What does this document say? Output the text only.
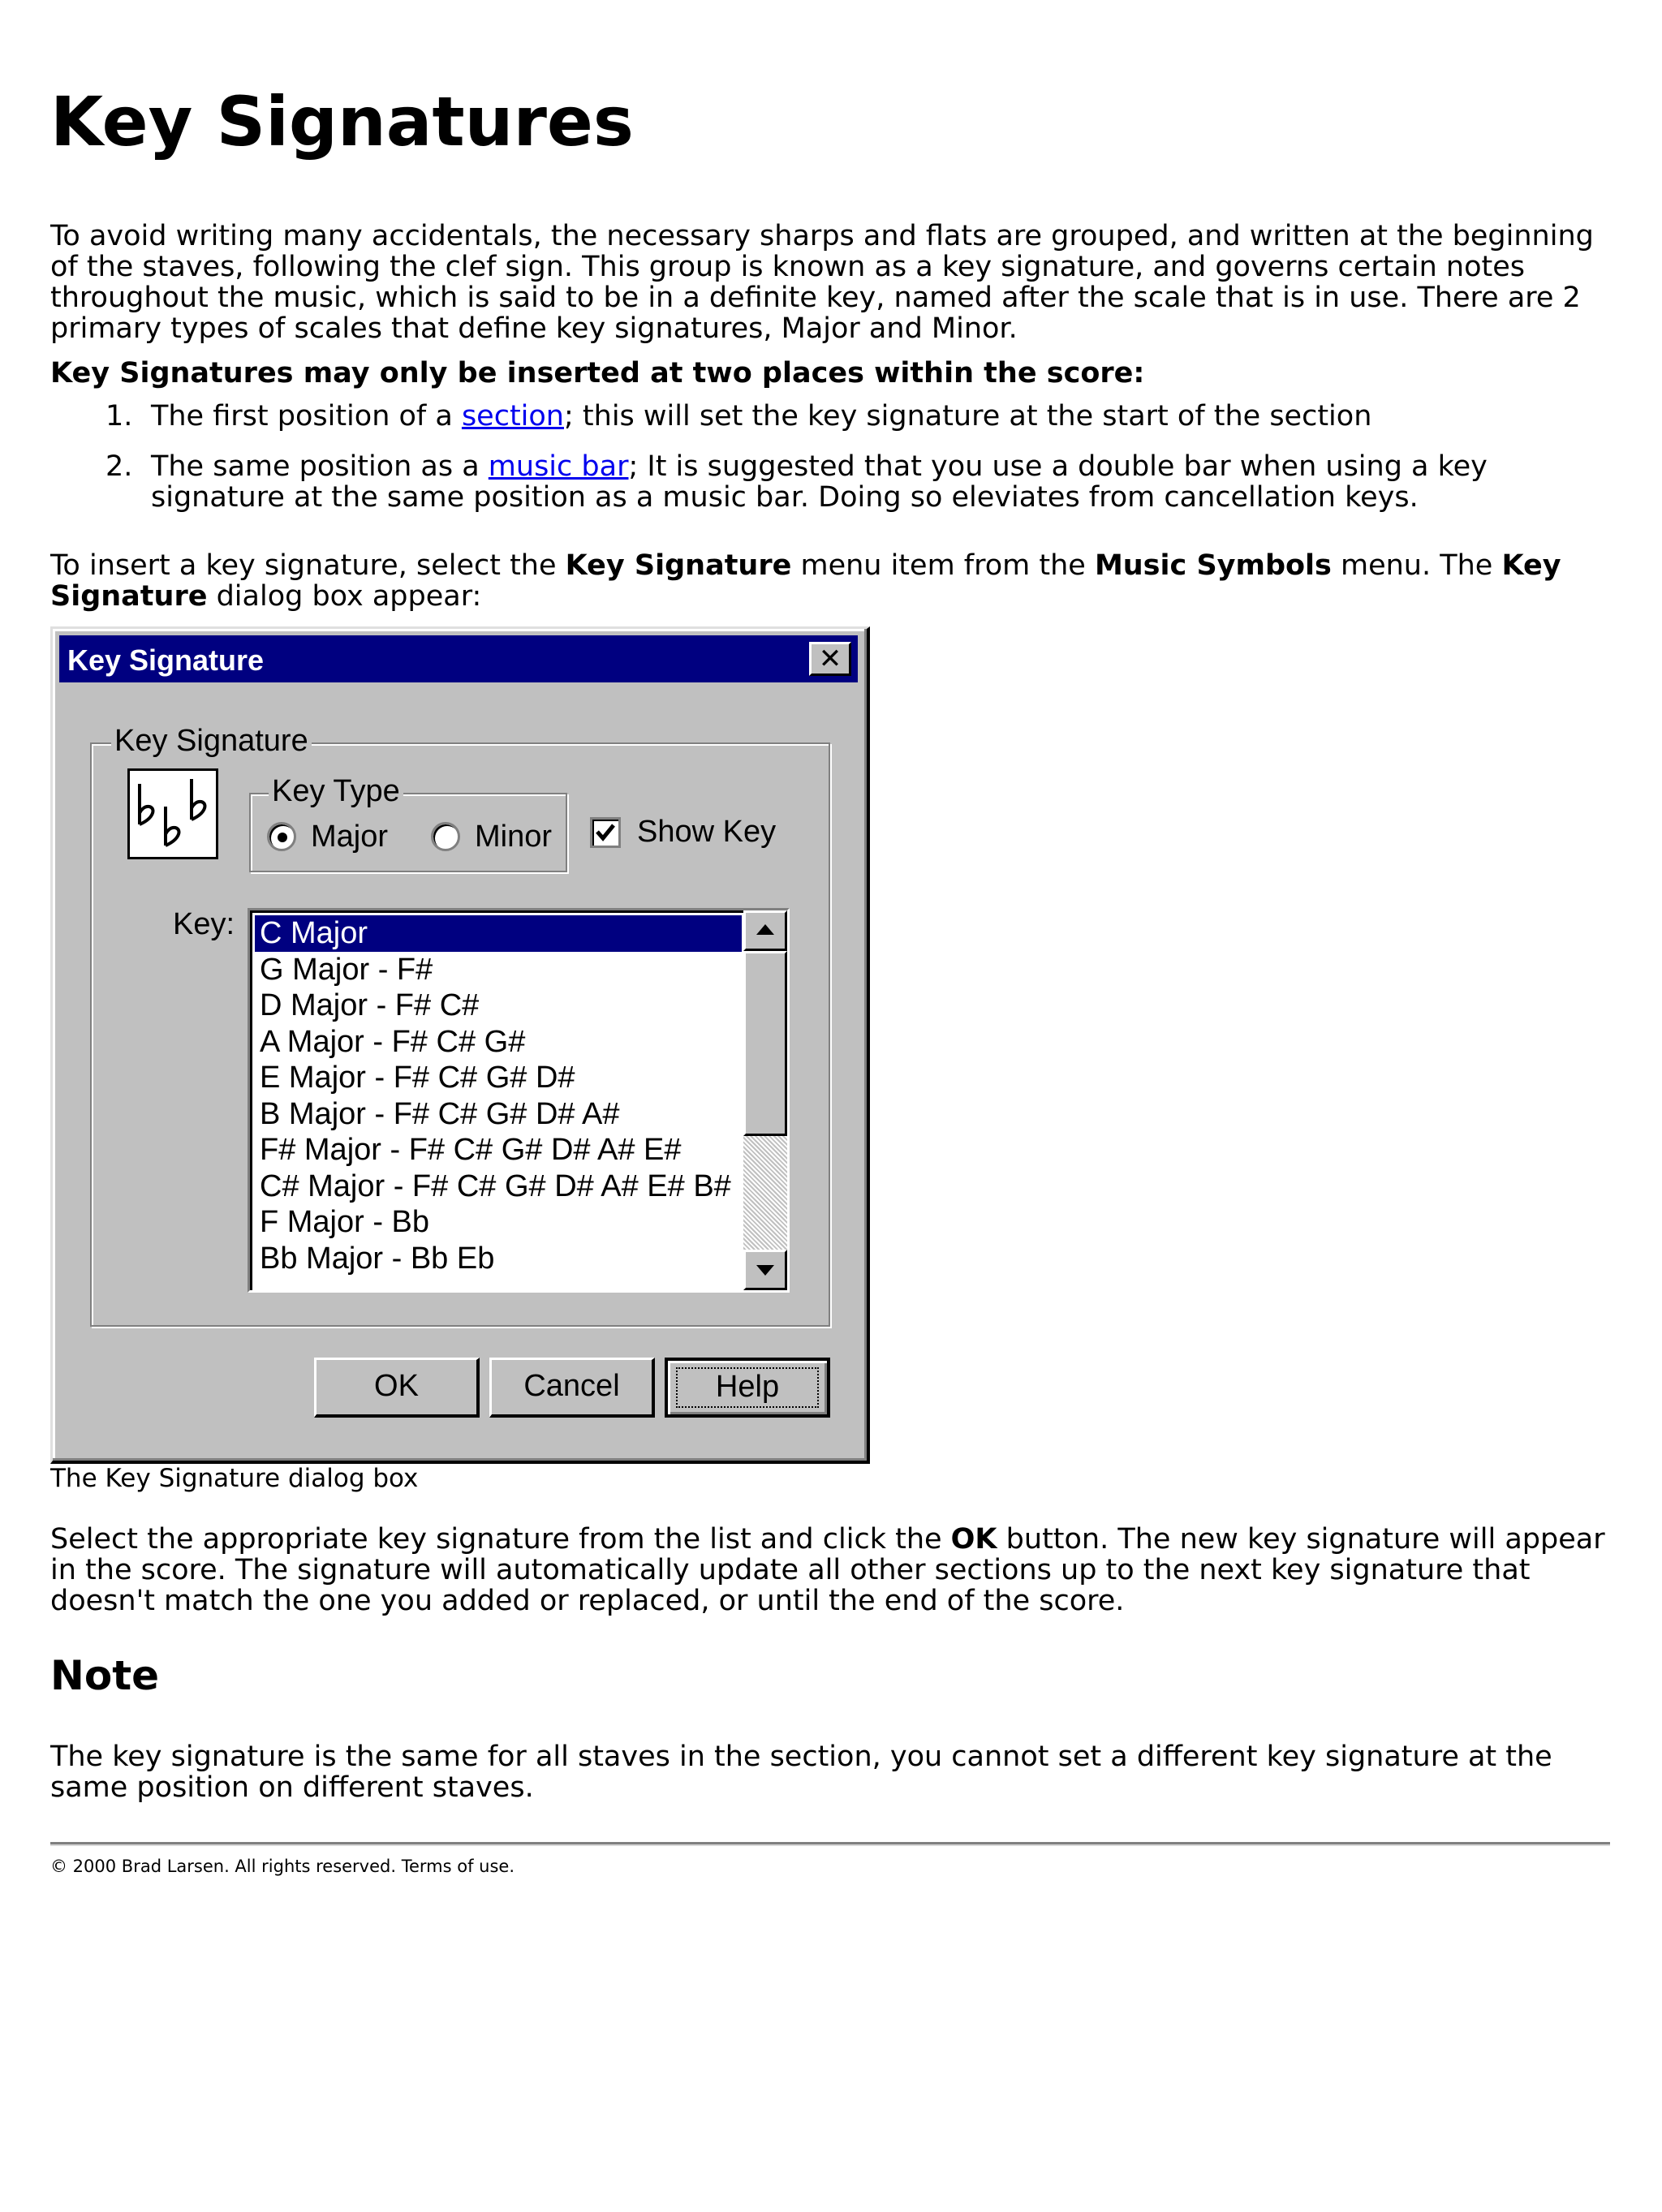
Key Signatures
To avoid writing many accidentals, the necessary sharps and flats are grouped, and written at the beginning of the staves, following the clef sign. This group is known as a key signature, and governs certain notes throughout the music, which is said to be in a definite key, named after the scale that is in use. There are 2 primary types of scales that define key signatures, Major and Minor.
Key Signatures may only be inserted at two places within the score:
1. The first position of a section; this will set the key signature at the start of the section
2. The same position as a music bar; It is suggested that you use a double bar when using a key signature at the same position as a music bar. Doing so eleviates from cancellation keys.
To insert a key signature, select the Key Signature menu item from the Music Symbols menu. The Key Signature dialog box appear:
The Key Signature dialog box
Select the appropriate key signature from the list and click the OK button. The new key signature will appear in the score. The signature will automatically update all other sections up to the next key signature that doesn't match the one you added or replaced, or until the end of the score.
Note
The key signature is the same for all staves in the section, you cannot set a different key signature at the same position on different staves.
© 2000 Brad Larsen. All rights reserved. Terms of use.
Key Signature	✕
Key Signature
Key Type
Major	Minor	Show Key
Key: C Major
G Major - F#
D Major - F# C#
A Major - F# C# G#
E Major - F# C# G# D#
B Major - F# C# G# D# A#
F# Major - F# C# G# D# A# E#
C# Major - F# C# G# D# A# E# B#
F Major - Bb
Bb Major - Bb Eb
OK	Cancel	Help
